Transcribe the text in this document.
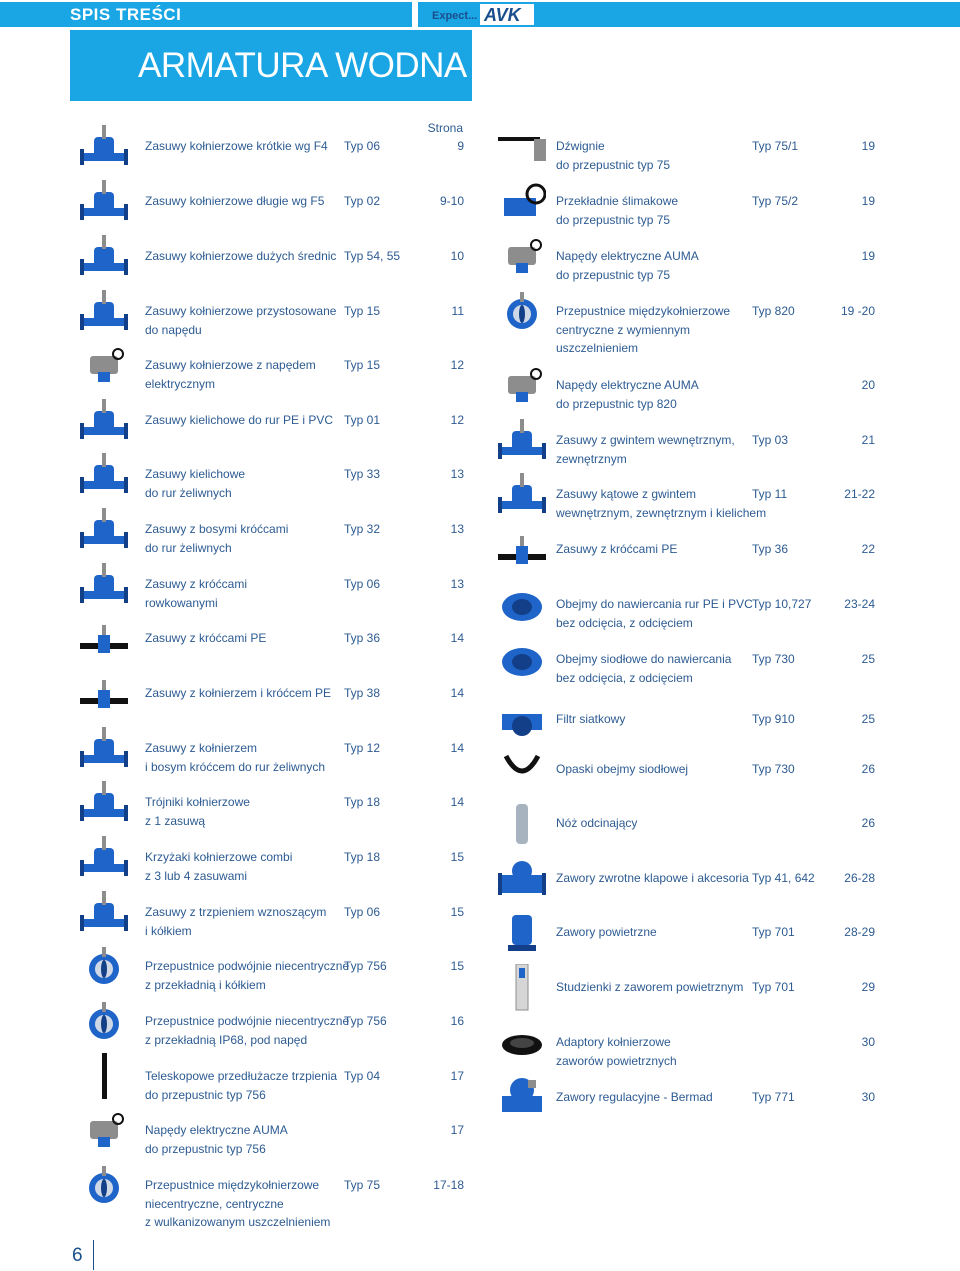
SPIS TREŚCI	Expect... AVK
ARMATURA WODNA
Strona
Zasuwy kołnierzowe krótkie wg F4	Typ 06	9
Zasuwy kołnierzowe długie wg F5	Typ 02	9-10
Zasuwy kołnierzowe dużych średnic Typ 54, 55	10
Zasuwy kołnierzowe przystosowane
do napędu
Typ 15	11
Zasuwy kołnierzowe z napędem
elektrycznym
Typ 15	12
Zasuwy kielichowe do rur PE i PVC Typ 01	12
Zasuwy kielichowe
do rur żeliwnych
Typ 33	13
Zasuwy z bosymi króćcami
do rur żeliwnych
Typ 32	13
Zasuwy z króćcami
rowkowanymi
Typ 06	13
Zasuwy z króćcami PE	Typ 36	14
Zasuwy z kołnierzem i króćcem PE	Typ 38	14
Zasuwy z kołnierzem
i bosym króćcem do rur żeliwnych
Typ 12	14
Trójniki kołnierzowe
z 1 zasuwą
Typ 18	14
Krzyżaki kołnierzowe combi
z 3 lub 4 zasuwami
Typ 18	15
Zasuwy z trzpieniem wznoszącym
i kółkiem
Typ 06	15
Przepustnice podwójnie niecentryczne
z przekładnią i kółkiem
Typ 756	15
Przepustnice podwójnie niecentryczne
z przekładnią IP68, pod napęd
Typ 756	16
Teleskopowe przedłużacze trzpienia
do przepustnic typ 756
Typ 04	17
Napędy elektryczne AUMA
do przepustnic typ 756
17
Przepustnice międzykołnierzowe
niecentryczne, centryczne
z wulkanizowanym uszczelnieniem
Typ 75	17-18
Dźwignie
do przepustnic typ 75
Typ 75/1	19
Przekładnie ślimakowe
do przepustnic typ 75
Typ 75/2	19
Napędy elektryczne AUMA
do przepustnic typ 75
19
Przepustnice międzykołnierzowe
centryczne z wymiennym
uszczelnieniem
Typ 820	19 -20
Napędy elektryczne AUMA
do przepustnic typ 820
20
Zasuwy z gwintem wewnętrznym,
zewnętrznym
Typ 03	21
Zasuwy kątowe z gwintem
wewnętrznym, zewnętrznym i kielichem
Typ 11	21-22
Zasuwy z króćcami PE	Typ 36	22
Obejmy do nawiercania rur PE i PVC
bez odcięcia, z odcięciem
Typ 10,727	23-24
Obejmy siodłowe do nawiercania
bez odcięcia, z odcięciem
Typ 730	25
Filtr siatkowy	Typ 910	25
Opaski obejmy siodłowej	Typ 730	26
Nóż odcinający	26
Zawory zwrotne klapowe i akcesoria Typ 41, 642	26-28
Zawory powietrzne	Typ 701	28-29
Studzienki z zaworem powietrznym Typ 701	29
Adaptory kołnierzowe
zaworów powietrznych
30
Zawory regulacyjne - Bermad	Typ 771	30
6
